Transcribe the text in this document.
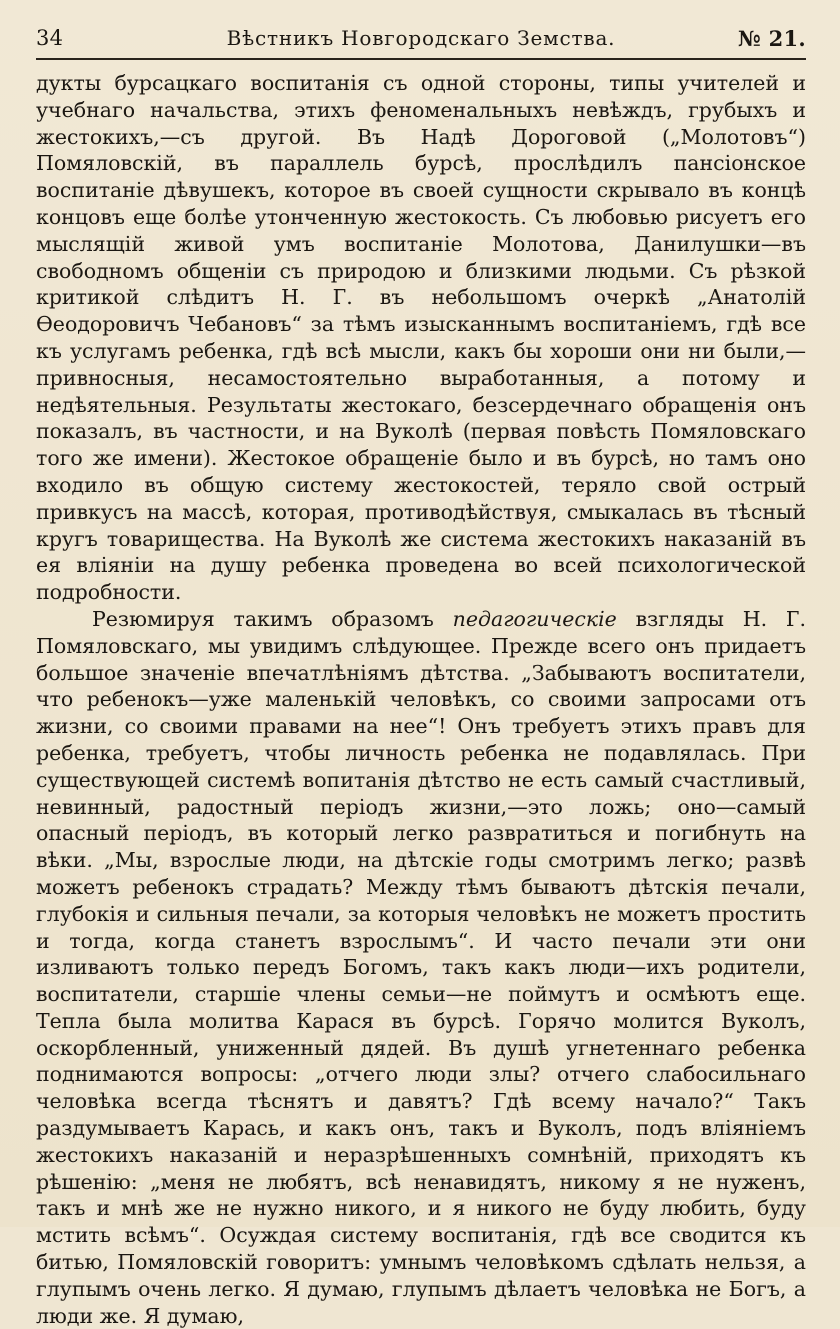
34	Вѣстникъ Новгородскаго Земства.	№ 21.

дукты бурсацкаго воспитанія съ одной стороны, типы учителей и учебнаго начальства, этихъ феноменальныхъ невѣждъ, грубыхъ и жестокихъ,—съ другой. Въ Надѣ Дороговой („Молотовъ“) Помяловскій, въ параллель бурсѣ, прослѣдилъ пансіонское воспитаніе дѣвушекъ, которое въ своей сущности скрывало въ концѣ концовъ еще болѣе утонченную жестокость. Съ любовью рисуетъ его мыслящій живой умъ воспитаніе Молотова, Данилушки—въ свободномъ общеніи съ природою и близкими людьми. Съ рѣзкой критикой слѣдитъ Н. Г. въ небольшомъ очеркѣ „Анатолій Ѳеодоровичъ Чебановъ“ за тѣмъ изысканнымъ воспитаніемъ, гдѣ все къ услугамъ ребенка, гдѣ всѣ мысли, какъ бы хороши они ни были,—привносныя, несамостоятельно выработанныя, а потому и недѣятельныя. Результаты жестокаго, безсердечнаго обращенія онъ показалъ, въ частности, и на Вуколѣ (первая повѣсть Помяловскаго того же имени). Жестокое обращеніе было и въ бурсѣ, но тамъ оно входило въ общую систему жестокостей, теряло свой острый привкусъ на массѣ, которая, противодѣйствуя, смыкалась въ тѣсный кругъ товарищества. На Вуколѣ же система жестокихъ наказаній въ ея вліяніи на душу ребенка проведена во всей психологической подробности.

Резюмируя такимъ образомъ педагогическіе взгляды Н. Г. Помяловскаго, мы увидимъ слѣдующее. Прежде всего онъ придаетъ большое значеніе впечатлѣніямъ дѣтства. „Забываютъ воспитатели, что ребенокъ—уже маленькій человѣкъ, со своими запросами отъ жизни, со своими правами на нее“! Онъ требуетъ этихъ правъ для ребенка, требуетъ, чтобы личность ребенка не подавлялась. При существующей системѣ вопитанія дѣтство не есть самый счастливый, невинный, радостный періодъ жизни,—это ложь; оно—самый опасный періодъ, въ который легко развратиться и погибнуть на вѣки. „Мы, взрослые люди, на дѣтскіе годы смотримъ легко; развѣ можетъ ребенокъ страдать? Между тѣмъ бываютъ дѣтскія печали, глубокія и сильныя печали, за которыя человѣкъ не можетъ простить и тогда, когда станетъ взрослымъ“. И часто печали эти они изливаютъ только передъ Богомъ, такъ какъ люди—ихъ родители, воспитатели, старшіе члены семьи—не поймутъ и осмѣютъ еще. Тепла была молитва Карася въ бурсѣ. Горячо молится Вуколъ, оскорбленный, униженный дядей. Въ душѣ угнетеннаго ребенка поднимаются вопросы: „отчего люди злы? отчего слабосильнаго человѣка всегда тѣснятъ и давятъ? Гдѣ всему начало?“ Такъ раздумываетъ Карась, и какъ онъ, такъ и Вуколъ, подъ вліяніемъ жестокихъ наказаній и неразрѣшенныхъ сомнѣній, приходятъ къ рѣшенію: „меня не любятъ, всѣ ненавидятъ, никому я не нуженъ, такъ и мнѣ же не нужно никого, и я никого не буду любить, буду мстить всѣмъ“. Осуждая систему воспитанія, гдѣ все сводится къ битью, Помяловскій говоритъ: умнымъ человѣкомъ сдѣлать нельзя, а глупымъ очень легко. Я думаю, глупымъ дѣлаетъ человѣка не Богъ, а люди же. Я думаю,
